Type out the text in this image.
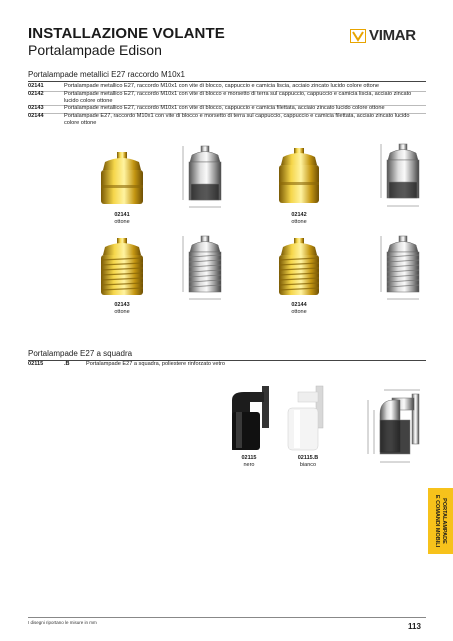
INSTALLAZIONE VOLANTE
Portalampade Edison
VIMAR
Portalampade metallici E27 raccordo M10x1
02141	Portalampade metallico E27, raccordo M10x1 con vite di blocco, cappuccio e camicia liscia, acciaio zincato lucido colore ottone
02142	Portalampade metallico E27, raccordo M10x1 con vite di blocco e morsetto di terra sul cappuccio, cappuccio e camicia liscia, acciaio zincato lucido colore ottone
02143	Portalampade metallico E27, raccordo M10x1 con vite di blocco, cappuccio e camicia filettata, acciaio zincato lucido colore ottone
02144	Portalampade E27, raccordo M10x1 con vite di blocco e morsetto di terra sul cappuccio, cappuccio e camicia filettata, acciaio zincato lucido colore ottone
02141
ottone
02142
ottone
02143
ottone
02144
ottone
Portalampade E27 a squadra
02115	.B	Portalampade E27 a squadra, poliestere rinforzato vetro
02115
nero
02115.B
bianco
PORTALAMPADE
E COMANDI MOBILI
I disegni riportano le misure in mm	113
